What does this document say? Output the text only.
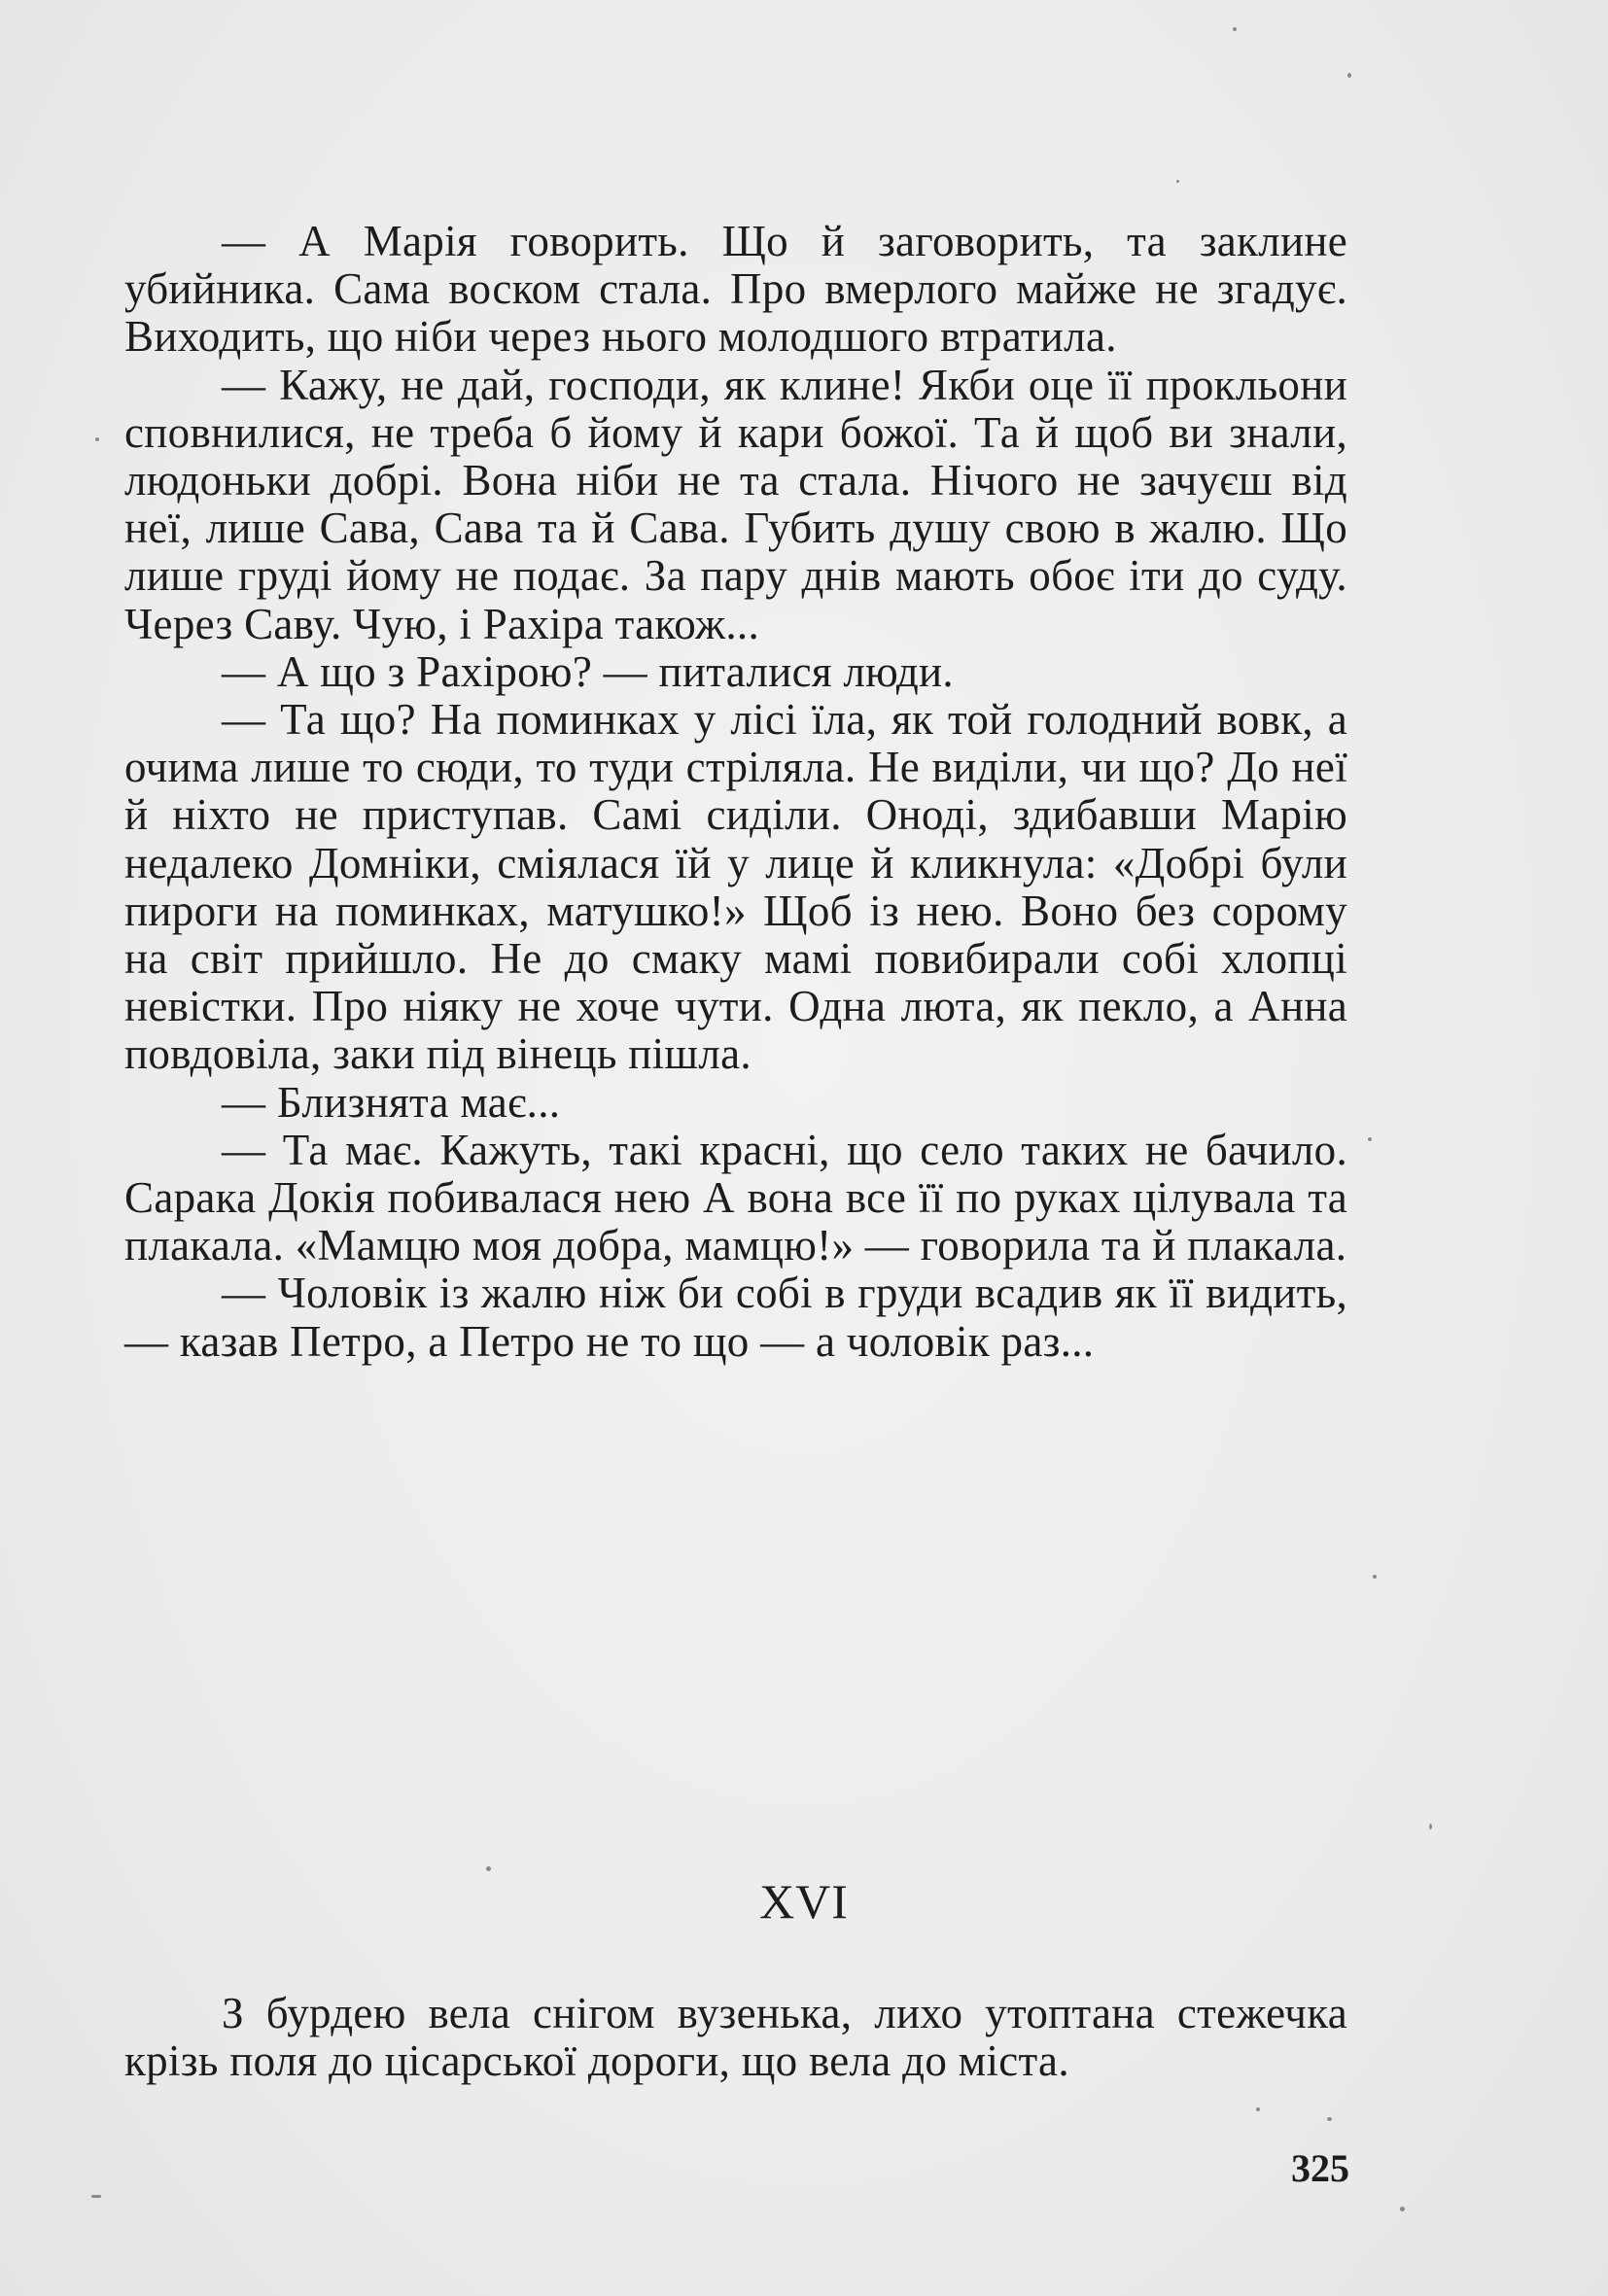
— А Марія говорить. Що й заговорить, та заклине убийника. Сама воском стала. Про вмерлого майже не згадує. Виходить, що ніби через нього молодшого втратила.

— Кажу, не дай, господи, як клине! Якби оце її прокльони сповнилися, не треба б йому й кари божої. Та й щоб ви знали, людоньки добрі. Вона ніби не та стала. Нічого не зачуєш від неї, лише Сава, Сава та й Сава. Губить душу свою в жалю. Що лише груді йому не подає. За пару днів мають обоє іти до суду. Через Саву. Чую, і Рахіра також...

— А що з Рахірою? — питалися люди.

— Та що? На поминках у лісі їла, як той голодний вовк, а очима лише то сюди, то туди стріляла. Не виділи, чи що? До неї й ніхто не приступав. Самі сиділи. Оноді, здибавши Марію недалеко Домніки, сміялася їй у лице й кликнула: «Добрі були пироги на поминках, матушко!» Щоб із нею. Воно без сорому на світ прийшло. Не до смаку мамі повибирали собі хлопці невістки. Про ніяку не хоче чути. Одна люта, як пекло, а Анна повдовіла, заки під вінець пішла.

— Близнята має...

— Та має. Кажуть, такі красні, що село таких не бачило. Сарака Докія побивалася нею А вона все її по руках цілувала та плакала. «Мамцю моя добра, мамцю!» — говорила та й плакала.

— Чоловік із жалю ніж би собі в груди всадив як її видить, — казав Петро, а Петро не то що — а чоловік раз...

XVI

З бурдею вела снігом вузенька, лихо утоптана стежечка крізь поля до цісарської дороги, що вела до міста.

325
